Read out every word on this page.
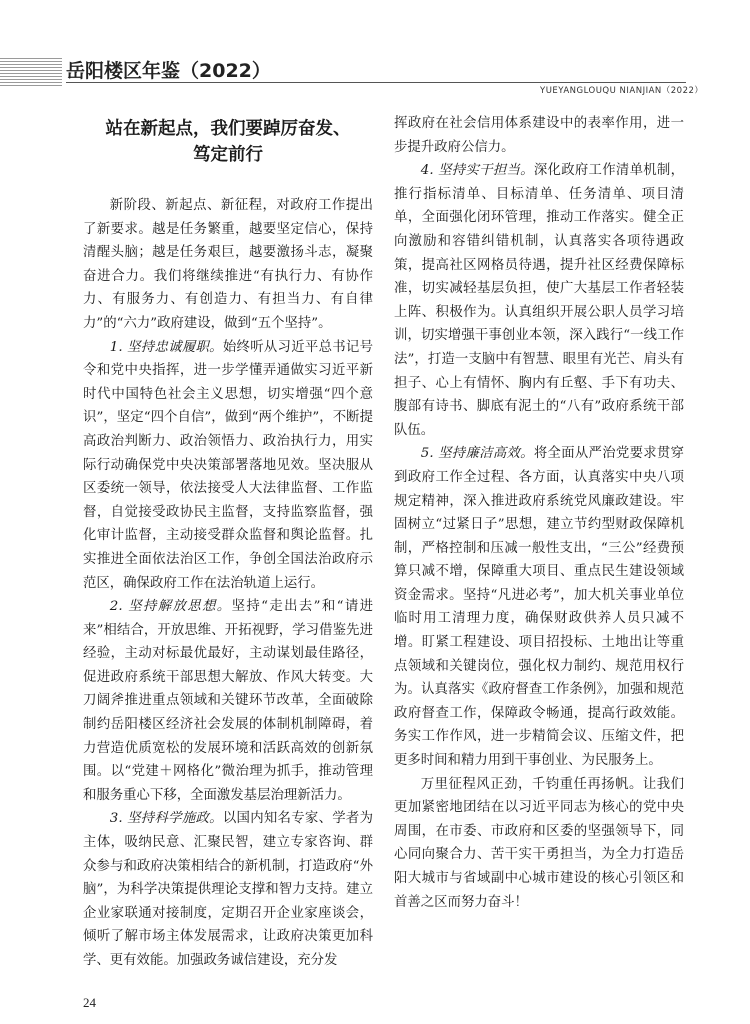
岳阳楼区年鉴（2022）
YUEYANGLOUQU NIANJIAN（2022）
站在新起点，我们要踔厉奋发、
笃定前行

新阶段、新起点、新征程，对政府工作提出了新要求。越是任务繁重，越要坚定信心，保持清醒头脑；越是任务艰巨，越要激扬斗志，凝聚奋进合力。我们将继续推进“有执行力、有协作力、有服务力、有创造力、有担当力、有自律力”的“六力”政府建设，做到“五个坚持”。

1. 坚持忠诚履职。始终听从习近平总书记号令和党中央指挥，进一步学懂弄通做实习近平新时代中国特色社会主义思想，切实增强“四个意识”，坚定“四个自信”，做到“两个维护”，不断提高政治判断力、政治领悟力、政治执行力，用实际行动确保党中央决策部署落地见效。坚决服从区委统一领导，依法接受人大法律监督、工作监督，自觉接受政协民主监督，支持监察监督，强化审计监督，主动接受群众监督和舆论监督。扎实推进全面依法治区工作，争创全国法治政府示范区，确保政府工作在法治轨道上运行。

2. 坚持解放思想。坚持“走出去”和“请进来”相结合，开放思维、开拓视野，学习借鉴先进经验，主动对标最优最好，主动谋划最佳路径，促进政府系统干部思想大解放、作风大转变。大刀阔斧推进重点领域和关键环节改革，全面破除制约岳阳楼区经济社会发展的体制机制障碍，着力营造优质宽松的发展环境和活跃高效的创新氛围。以“党建＋网格化”微治理为抓手，推动管理和服务重心下移，全面激发基层治理新活力。

3. 坚持科学施政。以国内知名专家、学者为主体，吸纳民意、汇聚民智，建立专家咨询、群众参与和政府决策相结合的新机制，打造政府“外脑”，为科学决策提供理论支撑和智力支持。建立企业家联通对接制度，定期召开企业家座谈会，倾听了解市场主体发展需求，让政府决策更加科学、更有效能。加强政务诚信建设，充分发

挥政府在社会信用体系建设中的表率作用，进一步提升政府公信力。

4. 坚持实干担当。深化政府工作清单机制，推行指标清单、目标清单、任务清单、项目清单，全面强化闭环管理，推动工作落实。健全正向激励和容错纠错机制，认真落实各项待遇政策，提高社区网格员待遇，提升社区经费保障标准，切实减轻基层负担，使广大基层工作者轻装上阵、积极作为。认真组织开展公职人员学习培训，切实增强干事创业本领，深入践行“一线工作法”，打造一支脑中有智慧、眼里有光芒、肩头有担子、心上有情怀、胸内有丘壑、手下有功夫、腹部有诗书、脚底有泥土的“八有”政府系统干部队伍。

5. 坚持廉洁高效。将全面从严治党要求贯穿到政府工作全过程、各方面，认真落实中央八项规定精神，深入推进政府系统党风廉政建设。牢固树立“过紧日子”思想，建立节约型财政保障机制，严格控制和压减一般性支出，“三公”经费预算只减不增，保障重大项目、重点民生建设领域资金需求。坚持“凡进必考”，加大机关事业单位临时用工清理力度，确保财政供养人员只减不增。盯紧工程建设、项目招投标、土地出让等重点领域和关键岗位，强化权力制约、规范用权行为。认真落实《政府督查工作条例》，加强和规范政府督查工作，保障政令畅通，提高行政效能。务实工作作风，进一步精简会议、压缩文件，把更多时间和精力用到干事创业、为民服务上。

万里征程风正劲，千钧重任再扬帆。让我们更加紧密地团结在以习近平同志为核心的党中央周围，在市委、市政府和区委的坚强领导下，同心同向聚合力、苦干实干勇担当，为全力打造岳阳大城市与省域副中心城市建设的核心引领区和首善之区而努力奋斗！

24
